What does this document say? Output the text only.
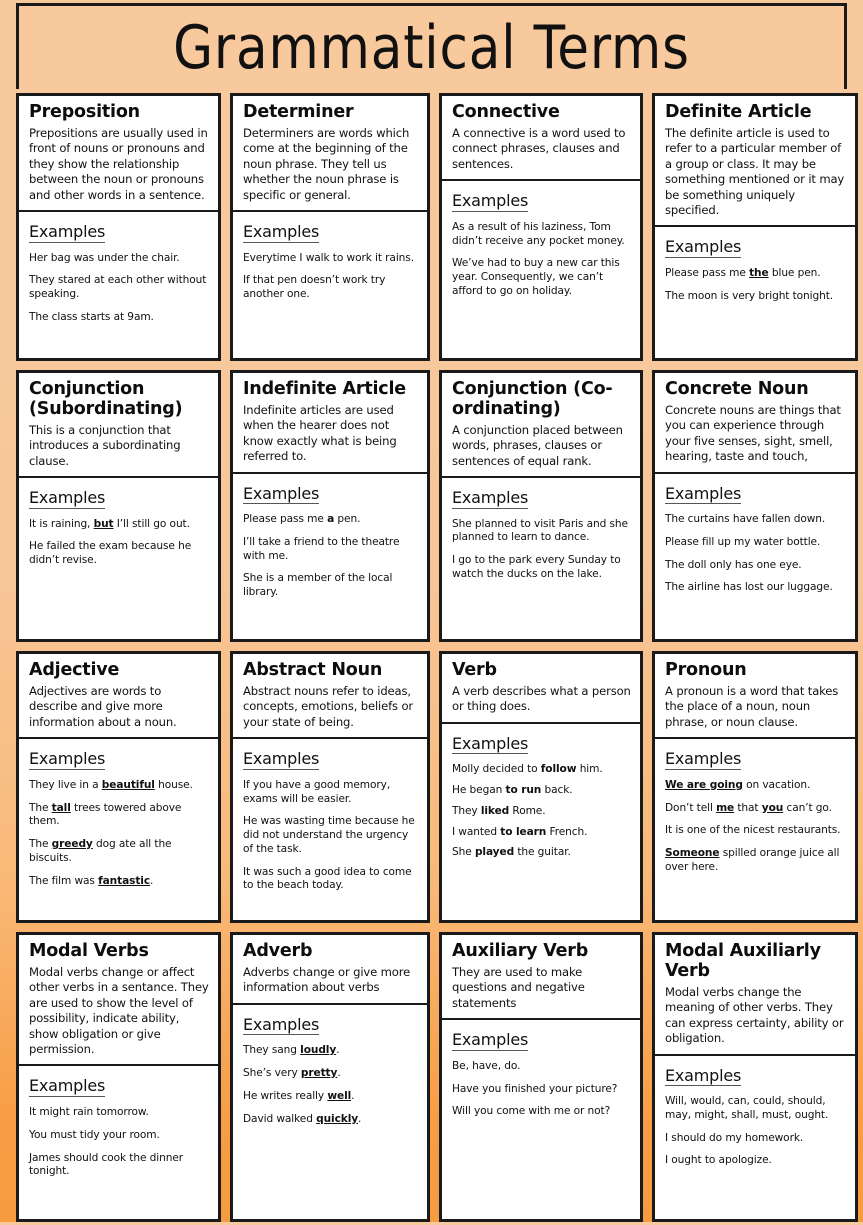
Grammatical Terms
Preposition
Prepositions are usually used in front of nouns or pronouns and they show the relationship between the noun or pronouns and other words in a sentence.
Examples
Her bag was under the chair.
They stared at each other without speaking.
The class starts at 9am.
Determiner
Determiners are words which come at the beginning of the noun phrase. They tell us whether the noun phrase is specific or general.
Examples
Everytime I walk to work it rains.
If that pen doesn’t work try another one.
Connective
A connective is a word used to connect phrases, clauses and sentences.
Examples
As a result of his laziness, Tom didn’t receive any pocket money.
We’ve had to buy a new car this year. Consequently, we can’t afford to go on holiday.
Definite Article
The definite article is used to refer to a particular member of a group or class. It may be something mentioned or it may be something uniquely specified.
Examples
Please pass me the blue pen.
The moon is very bright tonight.
Conjunction (Subordinating)
This is a conjunction that introduces a subordinating clause.
Examples
It is raining, but I’ll still go out.
He failed the exam because he didn’t revise.
Indefinite Article
Indefinite articles are used when the hearer does not know exactly what is being referred to.
Examples
Please pass me a pen.
I’ll take a friend to the theatre with me.
She is a member of the local library.
Conjunction (Co-ordinating)
A conjunction placed between words, phrases, clauses or sentences of equal rank.
Examples
She planned to visit Paris and she planned to learn to dance.
I go to the park every Sunday to watch the ducks on the lake.
Concrete Noun
Concrete nouns are things that you can experience through your five senses, sight, smell, hearing, taste and touch,
Examples
The curtains have fallen down.
Please fill up my water bottle.
The doll only has one eye.
The airline has lost our luggage.
Adjective
Adjectives are words to describe and give more information about a noun.
Examples
They live in a beautiful house.
The tall trees towered above them.
The greedy dog ate all the biscuits.
The film was fantastic.
Abstract Noun
Abstract nouns refer to ideas, concepts, emotions, beliefs or your state of being.
Examples
If you have a good memory, exams will be easier.
He was wasting time because he did not understand the urgency of the task.
It was such a good idea to come to the beach today.
Verb
A verb describes what a person or thing does.
Examples
Molly decided to follow him.
He began to run back.
They liked Rome.
I wanted to learn French.
She played the guitar.
Pronoun
A pronoun is a word that takes the place of a noun, noun phrase, or noun clause.
Examples
We are going on vacation.
Don’t tell me that you can’t go.
It is one of the nicest restaurants.
Someone spilled orange juice all over here.
Modal Verbs
Modal verbs change or affect other verbs in a sentance. They are used to show the level of possibility, indicate ability, show obligation or give permission.
Examples
It might rain tomorrow.
You must tidy your room.
James should cook the dinner tonight.
Adverb
Adverbs change or give more information about verbs
Examples
They sang loudly.
She’s very pretty.
He writes really well.
David walked quickly.
Auxiliary Verb
They are used to make questions and negative statements
Examples
Be, have, do.
Have you finished your picture?
Will you come with me or not?
Modal Auxiliarly Verb
Modal verbs change the meaning of other verbs. They can express certainty, ability or obligation.
Examples
Will, would, can, could, should, may, might, shall, must, ought.
I should do my homework.
I ought to apologize.
